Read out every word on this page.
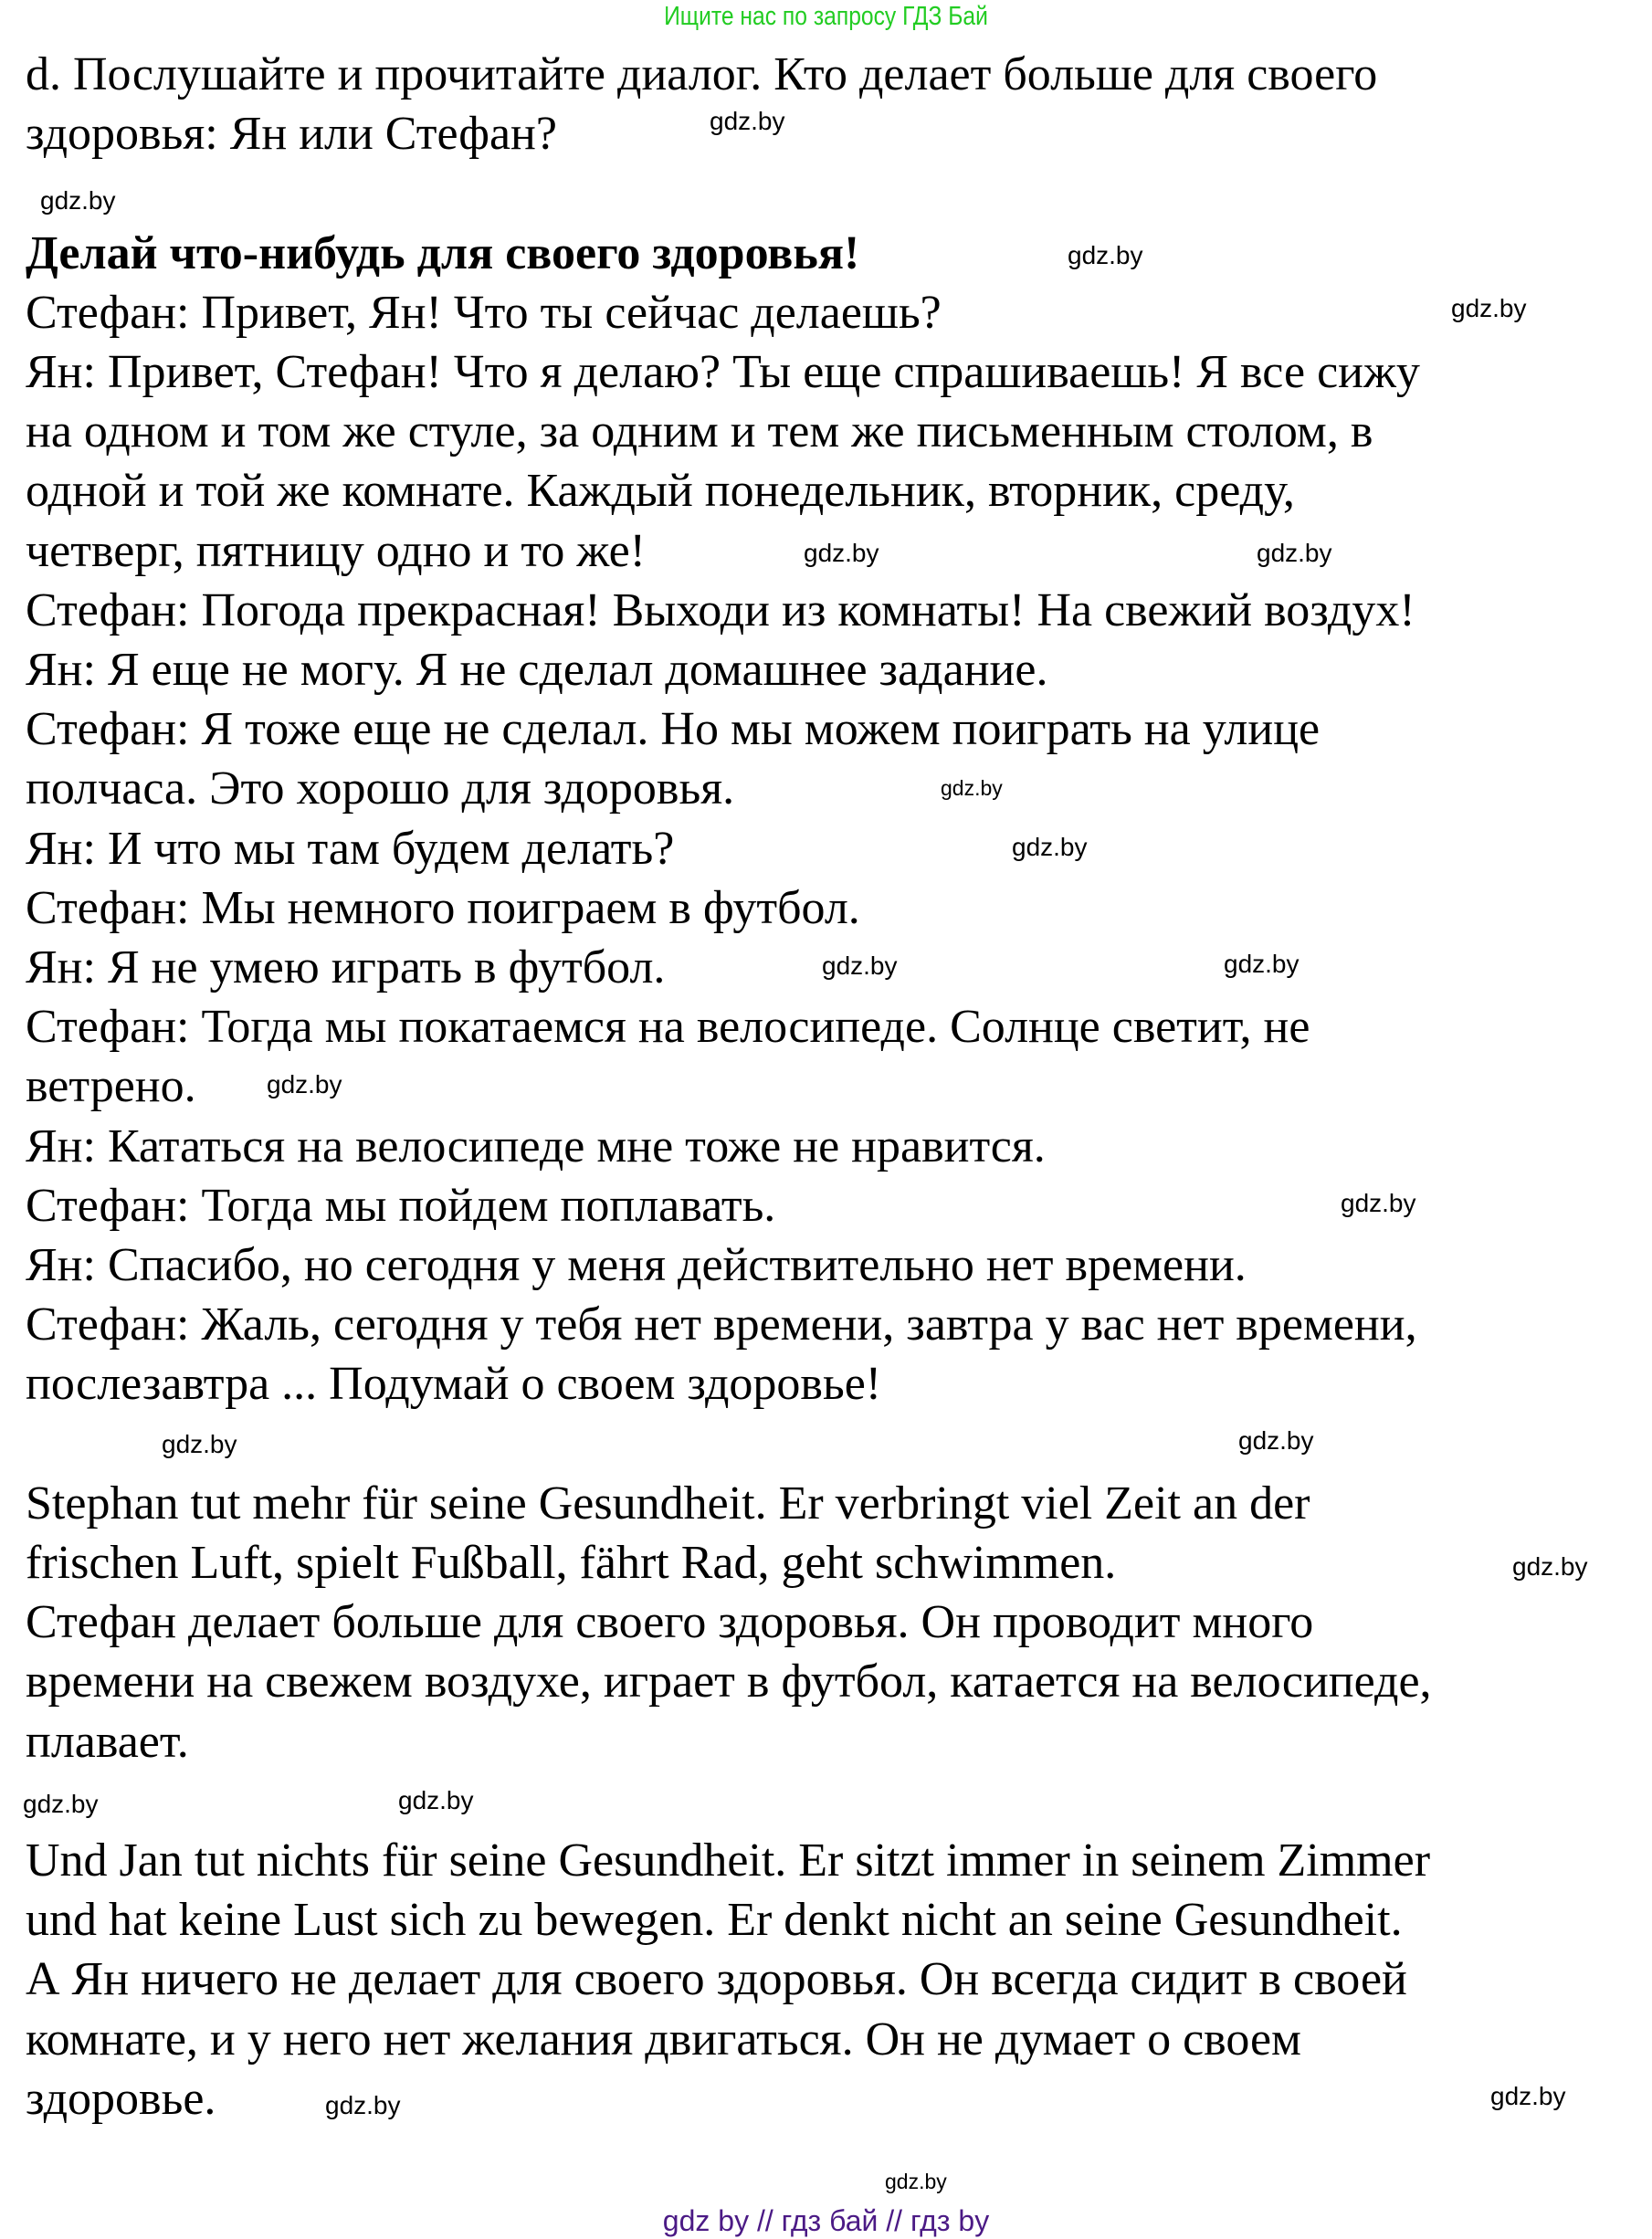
Ищите нас по запросу ГДЗ Бай
d. Послушайте и прочитайте диалог. Кто делает больше для своего
здоровья: Ян или Стефан?
Делай что-нибудь для своего здоровья!
Стефан: Привет, Ян! Что ты сейчас делаешь?
Ян: Привет, Стефан! Что я делаю? Ты еще спрашиваешь! Я все сижу
на одном и том же стуле, за одним и тем же письменным столом, в
одной и той же комнате. Каждый понедельник, вторник, среду,
четверг, пятницу одно и то же!
Стефан: Погода прекрасная! Выходи из комнаты! На свежий воздух!
Ян: Я еще не могу. Я не сделал домашнее задание.
Стефан: Я тоже еще не сделал. Но мы можем поиграть на улице
полчаса. Это хорошо для здоровья.
Ян: И что мы там будем делать?
Стефан: Мы немного поиграем в футбол.
Ян: Я не умею играть в футбол.
Стефан: Тогда мы покатаемся на велосипеде. Солнце светит, не
ветрено.
Ян: Кататься на велосипеде мне тоже не нравится.
Стефан: Тогда мы пойдем поплавать.
Ян: Спасибо, но сегодня у меня действительно нет времени.
Стефан: Жаль, сегодня у тебя нет времени, завтра у вас нет времени,
послезавтра ... Подумай о своем здоровье!
Stephan tut mehr für seine Gesundheit. Er verbringt viel Zeit an der
frischen Luft, spielt Fußball, fährt Rad, geht schwimmen.
Стефан делает больше для своего здоровья. Он проводит много
времени на свежем воздухе, играет в футбол, катается на велосипеде,
плавает.
Und Jan tut nichts für seine Gesundheit. Er sitzt immer in seinem Zimmer
und hat keine Lust sich zu bewegen. Er denkt nicht an seine Gesundheit.
А Ян ничего не делает для своего здоровья. Он всегда сидит в своей
комнате, и у него нет желания двигаться. Он не думает о своем
здоровье.
gdz.by
gdz.by
gdz.by
gdz.by
gdz.by
gdz.by	gdz.by
gdz.by
gdz.by
gdz.by
gdz.by
gdz.by
gdz.by
gdz.by
gdz.by
gdz.by
gdz.by
gdz.by
gdz.by
gdz.by
gdz by // гдз бай // гдз by
